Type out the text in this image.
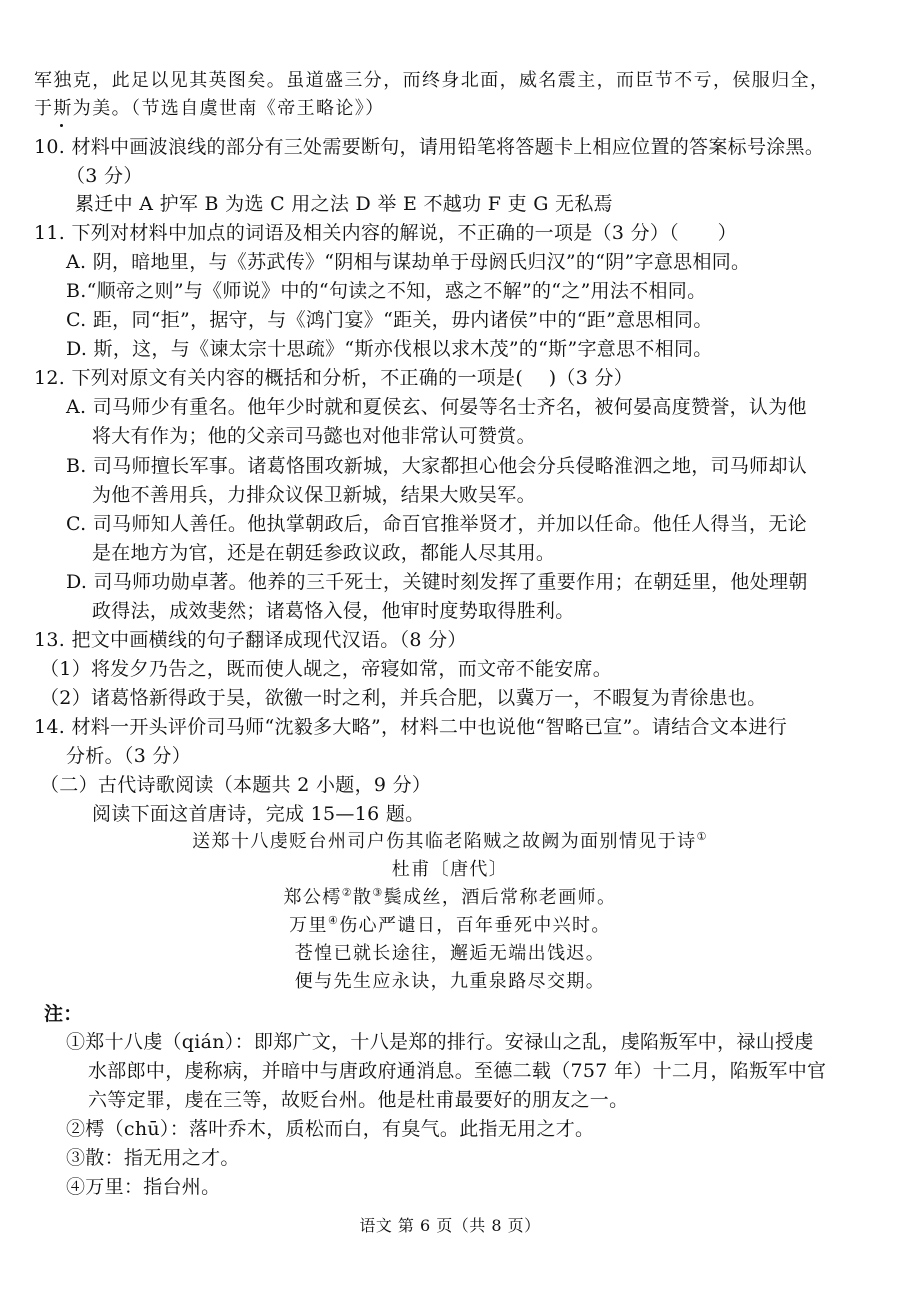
军独克，此足以见其英图矣。虽道盛三分，而终身北面，威名震主，而臣节不亏，侯服归全，
于斯为美。（节选自虞世南《帝王略论》）
10. 材料中画波浪线的部分有三处需要断句，请用铅笔将答题卡上相应位置的答案标号涂黑。
（3 分）
累迁中 A 护军 B 为选 C 用之法 D 举 E 不越功 F 吏 G 无私焉
11. 下列对材料中加点的词语及相关内容的解说，不正确的一项是（3 分）（　　）
A. 阴，暗地里，与《苏武传》“阴相与谋劫单于母阏氏归汉”的“阴”字意思相同。
B.“顺帝之则”与《师说》中的“句读之不知，惑之不解”的“之”用法不相同。
C. 距，同“拒”，据守，与《鸿门宴》“距关，毋内诸侯”中的“距”意思相同。
D. 斯，这，与《谏太宗十思疏》“斯亦伐根以求木茂”的“斯”字意思不相同。
12. 下列对原文有关内容的概括和分析，不正确的一项是(　 )（3 分）
A. 司马师少有重名。他年少时就和夏侯玄、何晏等名士齐名，被何晏高度赞誉，认为他
将大有作为；他的父亲司马懿也对他非常认可赞赏。
B. 司马师擅长军事。诸葛恪围攻新城，大家都担心他会分兵侵略淮泗之地，司马师却认
为他不善用兵，力排众议保卫新城，结果大败吴军。
C. 司马师知人善任。他执掌朝政后，命百官推举贤才，并加以任命。他任人得当，无论
是在地方为官，还是在朝廷参政议政，都能人尽其用。
D. 司马师功勋卓著。他养的三千死士，关键时刻发挥了重要作用；在朝廷里，他处理朝
政得法，成效斐然；诸葛恪入侵，他审时度势取得胜利。
13. 把文中画横线的句子翻译成现代汉语。（8 分）
（1）将发夕乃告之，既而使人觇之，帝寝如常，而文帝不能安席。
（2）诸葛恪新得政于吴，欲徼一时之利，并兵合肥，以冀万一，不暇复为青徐患也。
14. 材料一开头评价司马师“沈毅多大略”，材料二中也说他“智略已宣”。请结合文本进行
分析。（3 分）
（二）古代诗歌阅读（本题共 2 小题，9 分）
阅读下面这首唐诗，完成 15—16 题。
送郑十八虔贬台州司户伤其临老陷贼之故阙为面别情见于诗①
杜甫〔唐代〕
郑公樗②散③鬓成丝，酒后常称老画师。
万里④伤心严谴日，百年垂死中兴时。
苍惶已就长途往，邂逅无端出饯迟。
便与先生应永诀，九重泉路尽交期。
注：
①郑十八虔（qián）：即郑广文，十八是郑的排行。安禄山之乱，虔陷叛军中，禄山授虔
水部郎中，虔称病，并暗中与唐政府通消息。至德二载（757 年）十二月，陷叛军中官
六等定罪，虔在三等，故贬台州。他是杜甫最要好的朋友之一。
②樗（chū）：落叶乔木，质松而白，有臭气。此指无用之才。
③散：指无用之才。
④万里：指台州。
语文 第 6 页（共 8 页）
